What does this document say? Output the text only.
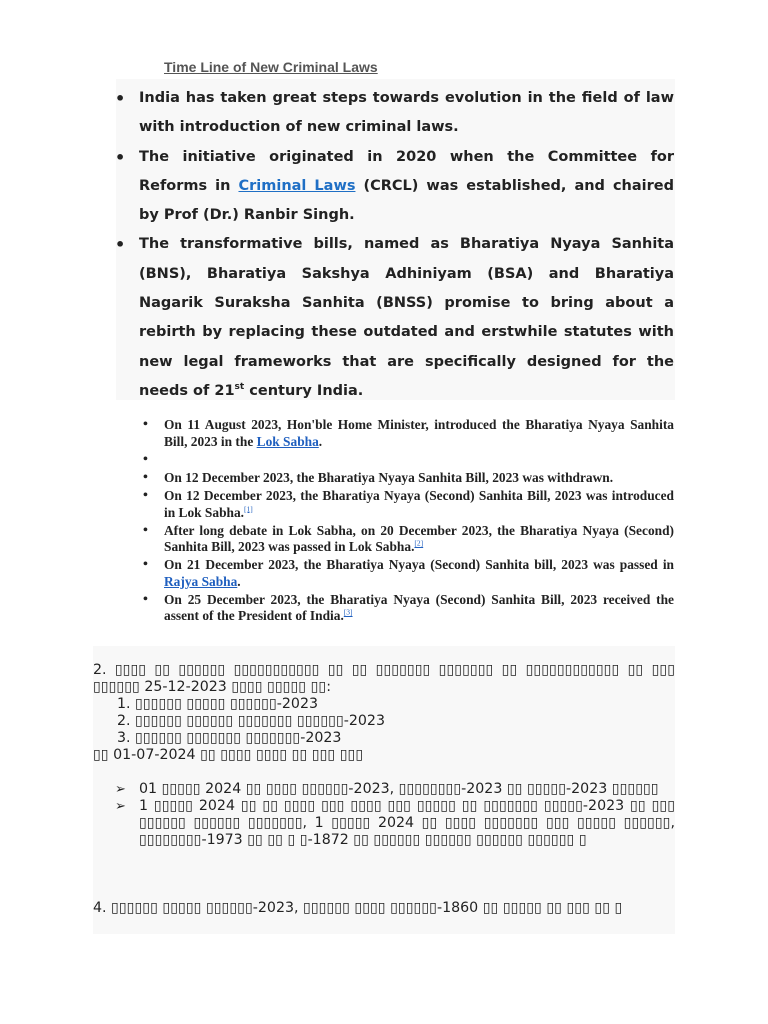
Time Line of New Criminal Laws
• India has taken great steps towards evolution in the field of law with introduction of new criminal laws.
• The initiative originated in 2020 when the Committee for Reforms in Criminal Laws (CRCL) was established, and chaired by Prof (Dr.) Ranbir Singh.
• The transformative bills, named as Bharatiya Nyaya Sanhita (BNS), Bharatiya Sakshya Adhiniyam (BSA) and Bharatiya Nagarik Suraksha Sanhita (BNSS) promise to bring about a rebirth by replacing these outdated and erstwhile statutes with new legal frameworks that are specifically designed for the needs of 21st century India.
• On 11 August 2023, Hon'ble Home Minister, introduced the Bharatiya Nyaya Sanhita Bill, 2023 in the Lok Sabha.
•
• On 12 December 2023, the Bharatiya Nyaya Sanhita Bill, 2023 was withdrawn.
• On 12 December 2023, the Bharatiya Nyaya (Second) Sanhita Bill, 2023 was introduced in Lok Sabha.[1]
• After long debate in Lok Sabha, on 20 December 2023, the Bharatiya Nyaya (Second) Sanhita Bill, 2023 was passed in Lok Sabha.[2]
• On 21 December 2023, the Bharatiya Nyaya (Second) Sanhita bill, 2023 was passed in Rajya Sabha.
• On 25 December 2023, the Bharatiya Nyaya (Second) Sanhita Bill, 2023 received the assent of the President of India.[3]
2. ▯▯▯▯ ▯▯ ▯▯▯▯▯▯ ▯▯▯▯▯▯▯▯▯▯▯ ▯▯ ▯▯ ▯▯▯▯▯▯▯ ▯▯▯▯▯▯▯ ▯▯ ▯▯▯▯▯▯▯▯▯▯▯▯ ▯▯ ▯▯▯ ▯▯▯▯▯▯ 25-12-2023 ▯▯▯▯ ▯▯▯▯▯ ▯▯:
1. ▯▯▯▯▯▯ ▯▯▯▯▯ ▯▯▯▯▯▯-2023
2. ▯▯▯▯▯▯ ▯▯▯▯▯▯ ▯▯▯▯▯▯▯ ▯▯▯▯▯▯-2023
3. ▯▯▯▯▯▯ ▯▯▯▯▯▯▯ ▯▯▯▯▯▯▯-2023
▯▯ 01-07-2024 ▯▯ ▯▯▯▯ ▯▯▯▯ ▯▯ ▯▯▯ ▯▯▯
➢ 01 ▯▯▯▯▯ 2024 ▯▯ ▯▯▯▯ ▯▯▯▯▯▯-2023, ▯▯▯▯▯▯▯▯-2023 ▯▯ ▯▯▯▯▯-2023 ▯▯▯▯▯▯
➢ 1 ▯▯▯▯▯ 2024 ▯▯ ▯▯ ▯▯▯▯ ▯▯▯ ▯▯▯▯ ▯▯▯ ▯▯▯▯▯ ▯▯ ▯▯▯▯▯▯▯ ▯▯▯▯▯-2023 ▯▯ ▯▯▯ ▯▯▯▯▯▯ ▯▯▯▯▯▯ ▯▯▯▯▯▯▯, 1 ▯▯▯▯▯ 2024 ▯▯ ▯▯▯▯ ▯▯▯▯▯▯▯ ▯▯▯ ▯▯▯▯▯ ▯▯▯▯▯▯, ▯▯▯▯▯▯▯▯-1973 ▯▯ ▯▯ ▯ ▯-1872 ▯▯ ▯▯▯▯▯▯ ▯▯▯▯▯▯ ▯▯▯▯▯▯ ▯▯▯▯▯▯ ▯
4. ▯▯▯▯▯▯ ▯▯▯▯▯ ▯▯▯▯▯▯-2023, ▯▯▯▯▯▯ ▯▯▯▯ ▯▯▯▯▯▯-1860 ▯▯ ▯▯▯▯▯ ▯▯ ▯▯▯ ▯▯ ▯
